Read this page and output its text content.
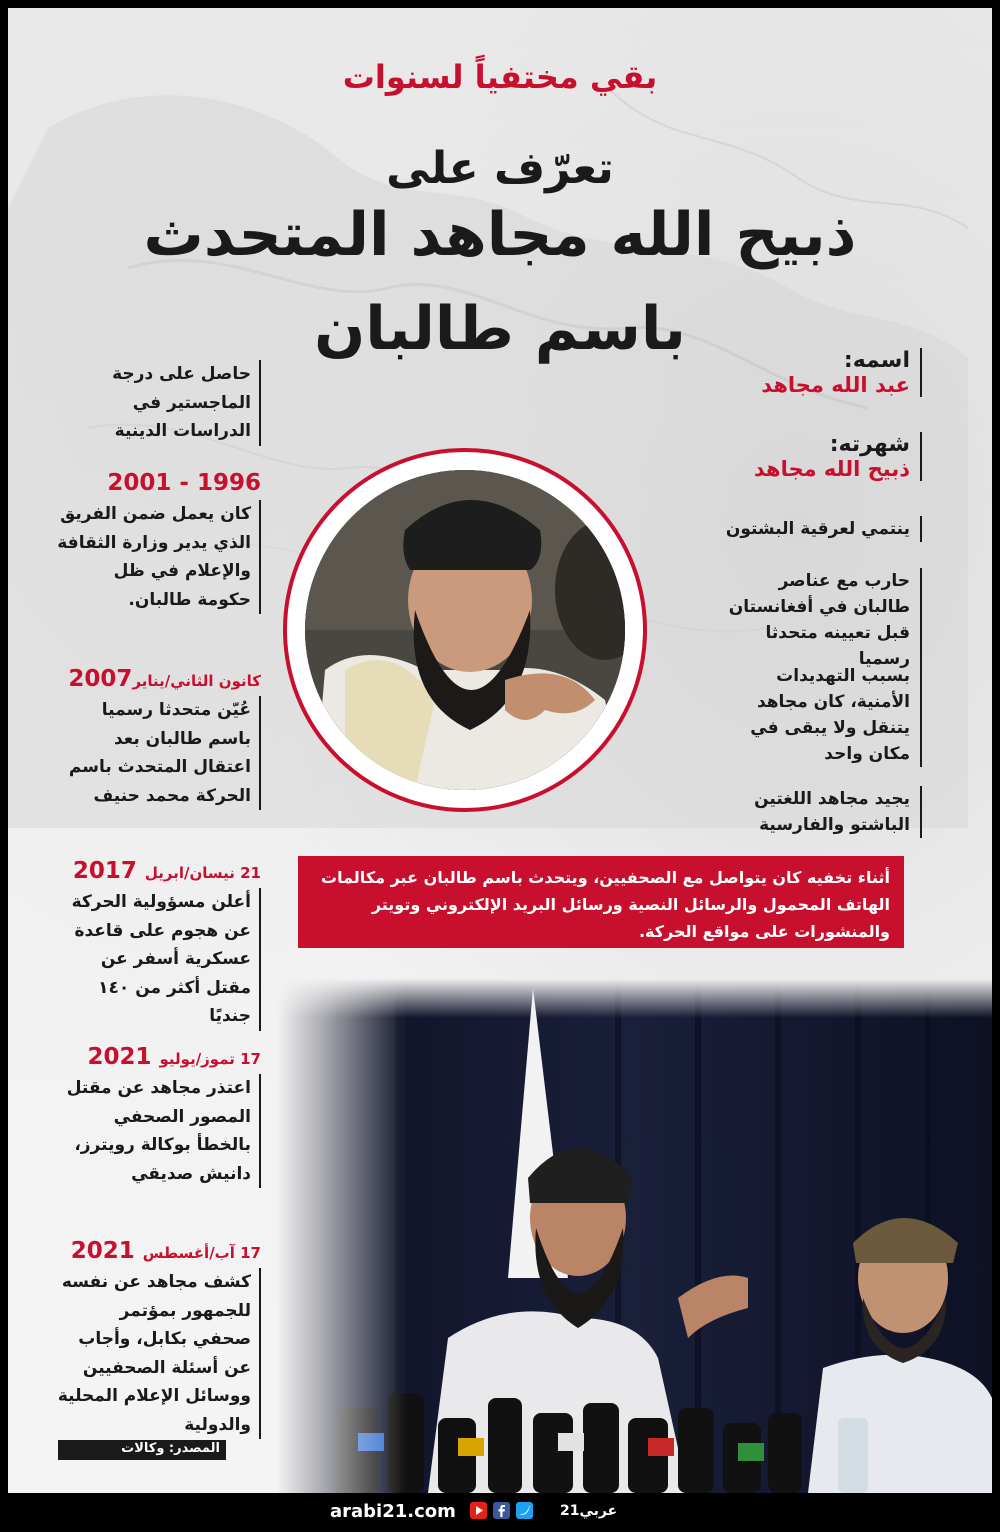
بقي مختفياً لسنوات
تعرّف على
ذبيح الله مجاهد المتحدث
باسم طالبان	اسمه:
عبد الله مجاهد
شهرته:
ذبيح الله مجاهد

ينتمي لعرقية البشتون

حارب مع عناصر طالبان في أفغانستان قبل تعيينه متحدثا رسميا

بسبب التهديدات الأمنية، كان مجاهد يتنقل ولا يبقى في مكان واحد

يجيد مجاهد اللغتين الباشتو والفارسية

حاصل على درجة الماجستير في الدراسات الدينية
1996 - 2001
كان يعمل ضمن الفريق الذي يدير وزارة الثقافة والإعلام في ظل حكومة طالبان.
كانون الثاني/يناير2007
عُيّن متحدثا رسميا باسم طالبان بعد اعتقال المتحدث باسم الحركة محمد حنيف
21 نيسان/ابريل 2017
أعلن مسؤولية الحركة عن هجوم على قاعدة عسكرية أسفر عن مقتل أكثر من ١٤٠ جنديًا
17 تموز/يوليو 2021
اعتذر مجاهد عن مقتل المصور الصحفي بالخطأ بوكالة رويترز، دانيش صديقي
17 آب/أغسطس 2021
كشف مجاهد عن نفسه للجمهور بمؤتمر صحفي بكابل، وأجاب عن أسئلة الصحفيين ووسائل الإعلام المحلية والدولية
أثناء تخفيه كان يتواصل مع الصحفيين، ويتحدث باسم طالبان عبر مكالمات الهاتف المحمول والرسائل النصية ورسائل البريد الإلكتروني وتويتر والمنشورات على مواقع الحركة.
المصدر: وكالات
arabi21.com	عربي21
